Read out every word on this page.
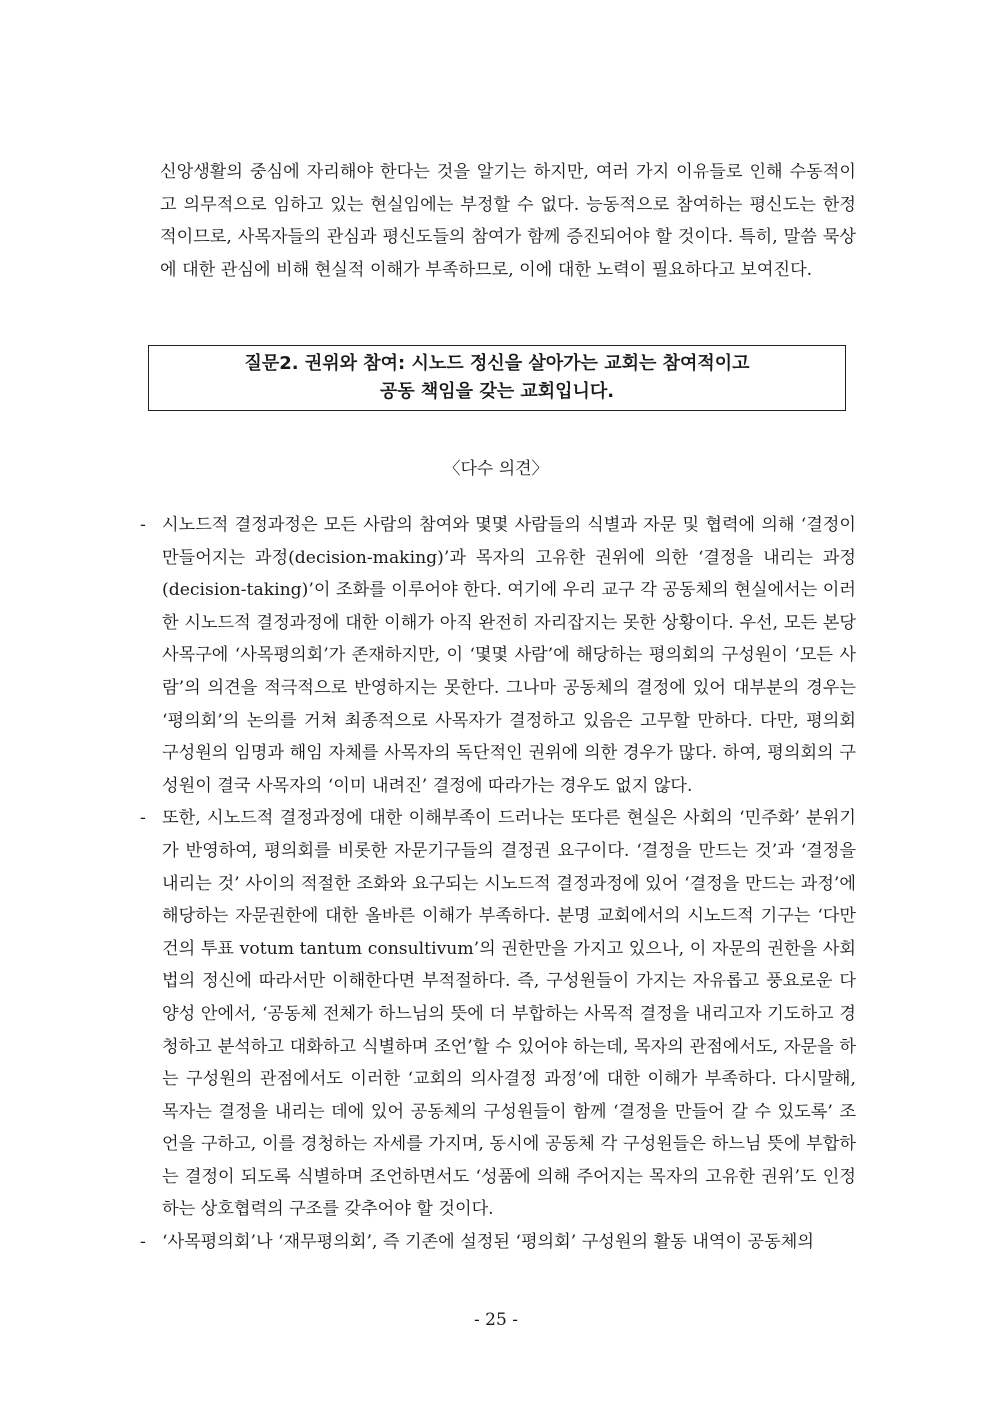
신앙생활의 중심에 자리해야 한다는 것을 알기는 하지만, 여러 가지 이유들로 인해 수동적이고 의무적으로 임하고 있는 현실임에는 부정할 수 없다. 능동적으로 참여하는 평신도는 한정적이므로, 사목자들의 관심과 평신도들의 참여가 함께 증진되어야 할 것이다. 특히, 말씀 묵상에 대한 관심에 비해 현실적 이해가 부족하므로, 이에 대한 노력이 필요하다고 보여진다.

질문2. 권위와 참여: 시노드 정신을 살아가는 교회는 참여적이고
공동 책임을 갖는 교회입니다.

〈다수 의견〉

- 시노드적 결정과정은 모든 사람의 참여와 몇몇 사람들의 식별과 자문 및 협력에 의해 ‘결정이 만들어지는 과정(decision-making)’과 목자의 고유한 권위에 의한 ‘결정을 내리는 과정(decision-taking)’이 조화를 이루어야 한다. 여기에 우리 교구 각 공동체의 현실에서는 이러한 시노드적 결정과정에 대한 이해가 아직 완전히 자리잡지는 못한 상황이다. 우선, 모든 본당 사목구에 ‘사목평의회’가 존재하지만, 이 ‘몇몇 사람’에 해당하는 평의회의 구성원이 ‘모든 사람’의 의견을 적극적으로 반영하지는 못한다. 그나마 공동체의 결정에 있어 대부분의 경우는 ‘평의회’의 논의를 거쳐 최종적으로 사목자가 결정하고 있음은 고무할 만하다. 다만, 평의회 구성원의 임명과 해임 자체를 사목자의 독단적인 권위에 의한 경우가 많다. 하여, 평의회의 구성원이 결국 사목자의 ‘이미 내려진’ 결정에 따라가는 경우도 없지 않다.
- 또한, 시노드적 결정과정에 대한 이해부족이 드러나는 또다른 현실은 사회의 ‘민주화’ 분위기가 반영하여, 평의회를 비롯한 자문기구들의 결정권 요구이다. ‘결정을 만드는 것’과 ‘결정을 내리는 것’ 사이의 적절한 조화와 요구되는 시노드적 결정과정에 있어 ‘결정을 만드는 과정’에 해당하는 자문권한에 대한 올바른 이해가 부족하다. 분명 교회에서의 시노드적 기구는 ‘다만 건의 투표 votum tantum consultivum’의 권한만을 가지고 있으나, 이 자문의 권한을 사회법의 정신에 따라서만 이해한다면 부적절하다. 즉, 구성원들이 가지는 자유롭고 풍요로운 다양성 안에서, ‘공동체 전체가 하느님의 뜻에 더 부합하는 사목적 결정을 내리고자 기도하고 경청하고 분석하고 대화하고 식별하며 조언’할 수 있어야 하는데, 목자의 관점에서도, 자문을 하는 구성원의 관점에서도 이러한 ‘교회의 의사결정 과정’에 대한 이해가 부족하다. 다시말해, 목자는 결정을 내리는 데에 있어 공동체의 구성원들이 함께 ‘결정을 만들어 갈 수 있도록’ 조언을 구하고, 이를 경청하는 자세를 가지며, 동시에 공동체 각 구성원들은 하느님 뜻에 부합하는 결정이 되도록 식별하며 조언하면서도 ‘성품에 의해 주어지는 목자의 고유한 권위’도 인정하는 상호협력의 구조를 갖추어야 할 것이다.
- ‘사목평의회’나 ‘재무평의회’, 즉 기존에 설정된 ‘평의회’ 구성원의 활동 내역이 공동체의

- 25 -
